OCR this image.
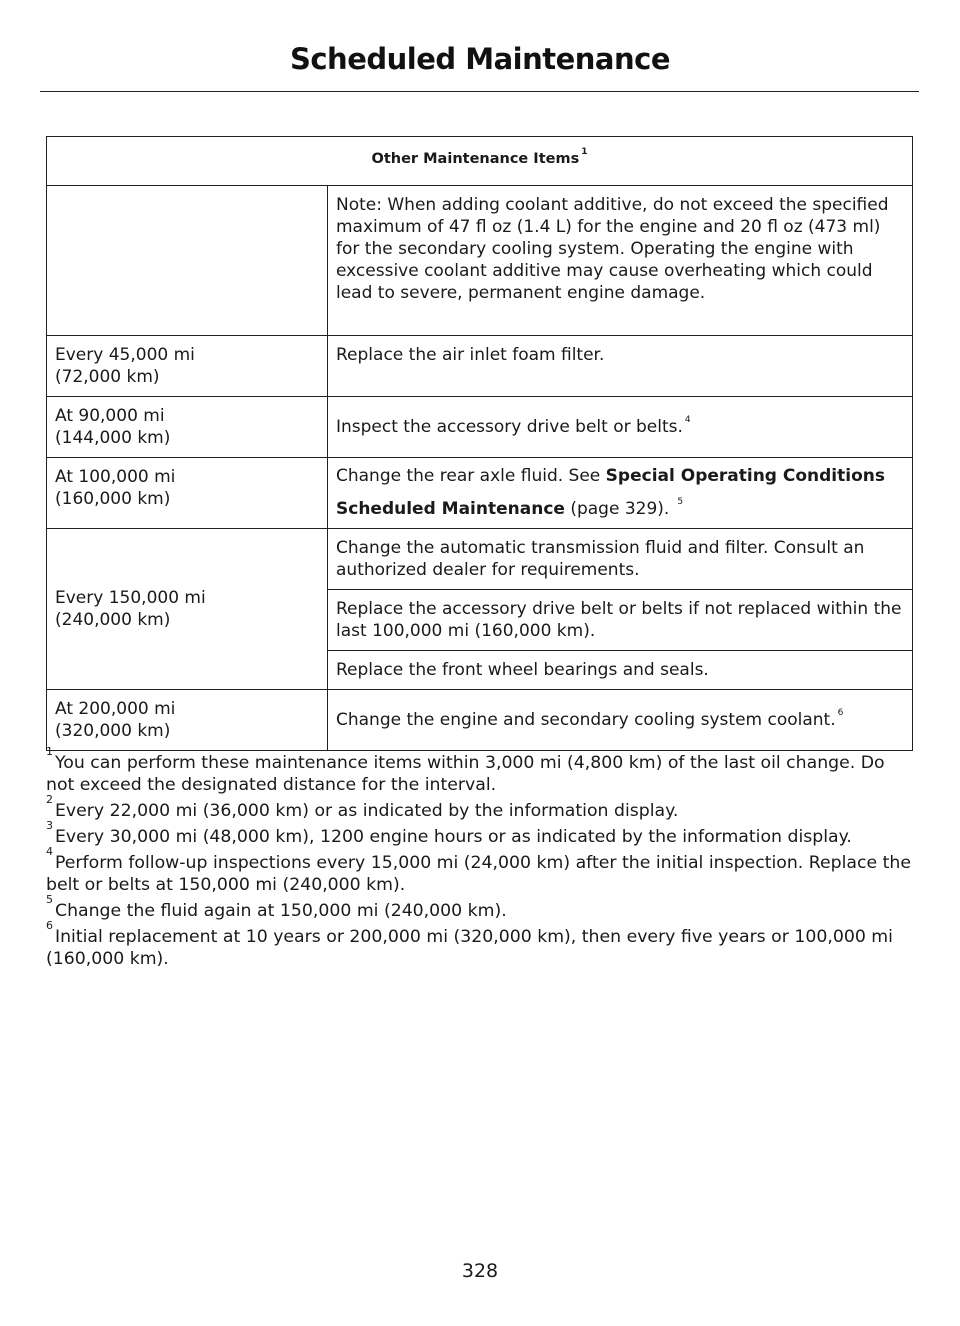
Scheduled Maintenance
Other Maintenance Items $^1$
	Note: When adding coolant additive, do not exceed the specified maximum of 47 fl oz (1.4 L) for the engine and 20 fl oz (473 ml) for the secondary cooling system. Operating the engine with excessive coolant additive may cause overheating which could lead to severe, permanent engine damage.

Every 45,000 mi
(72,000 km)	Replace the air inlet foam filter.

At 90,000 mi
(144,000 km)	Inspect the accessory drive belt or belts. $^4$

At 100,000 mi
(160,000 km)	Change the rear axle fluid. See Special Operating Conditions Scheduled Maintenance (page 329). $^5$

Every 150,000 mi
(240,000 km)	Change the automatic transmission fluid and filter. Consult an authorized dealer for requirements.
	Replace the accessory drive belt or belts if not replaced within the last 100,000 mi (160,000 km).
	Replace the front wheel bearings and seals.

At 200,000 mi
(320,000 km)	Change the engine and secondary cooling system coolant. $^6$
$^1$You can perform these maintenance items within 3,000 mi (4,800 km) of the last oil change. Do not exceed the designated distance for the interval.
$^2$Every 22,000 mi (36,000 km) or as indicated by the information display.
$^3$Every 30,000 mi (48,000 km), 1200 engine hours or as indicated by the information display.
$^4$Perform follow-up inspections every 15,000 mi (24,000 km) after the initial inspection. Replace the belt or belts at 150,000 mi (240,000 km).
$^5$Change the fluid again at 150,000 mi (240,000 km).
$^6$Initial replacement at 10 years or 200,000 mi (320,000 km), then every five years or 100,000 mi (160,000 km).
328
